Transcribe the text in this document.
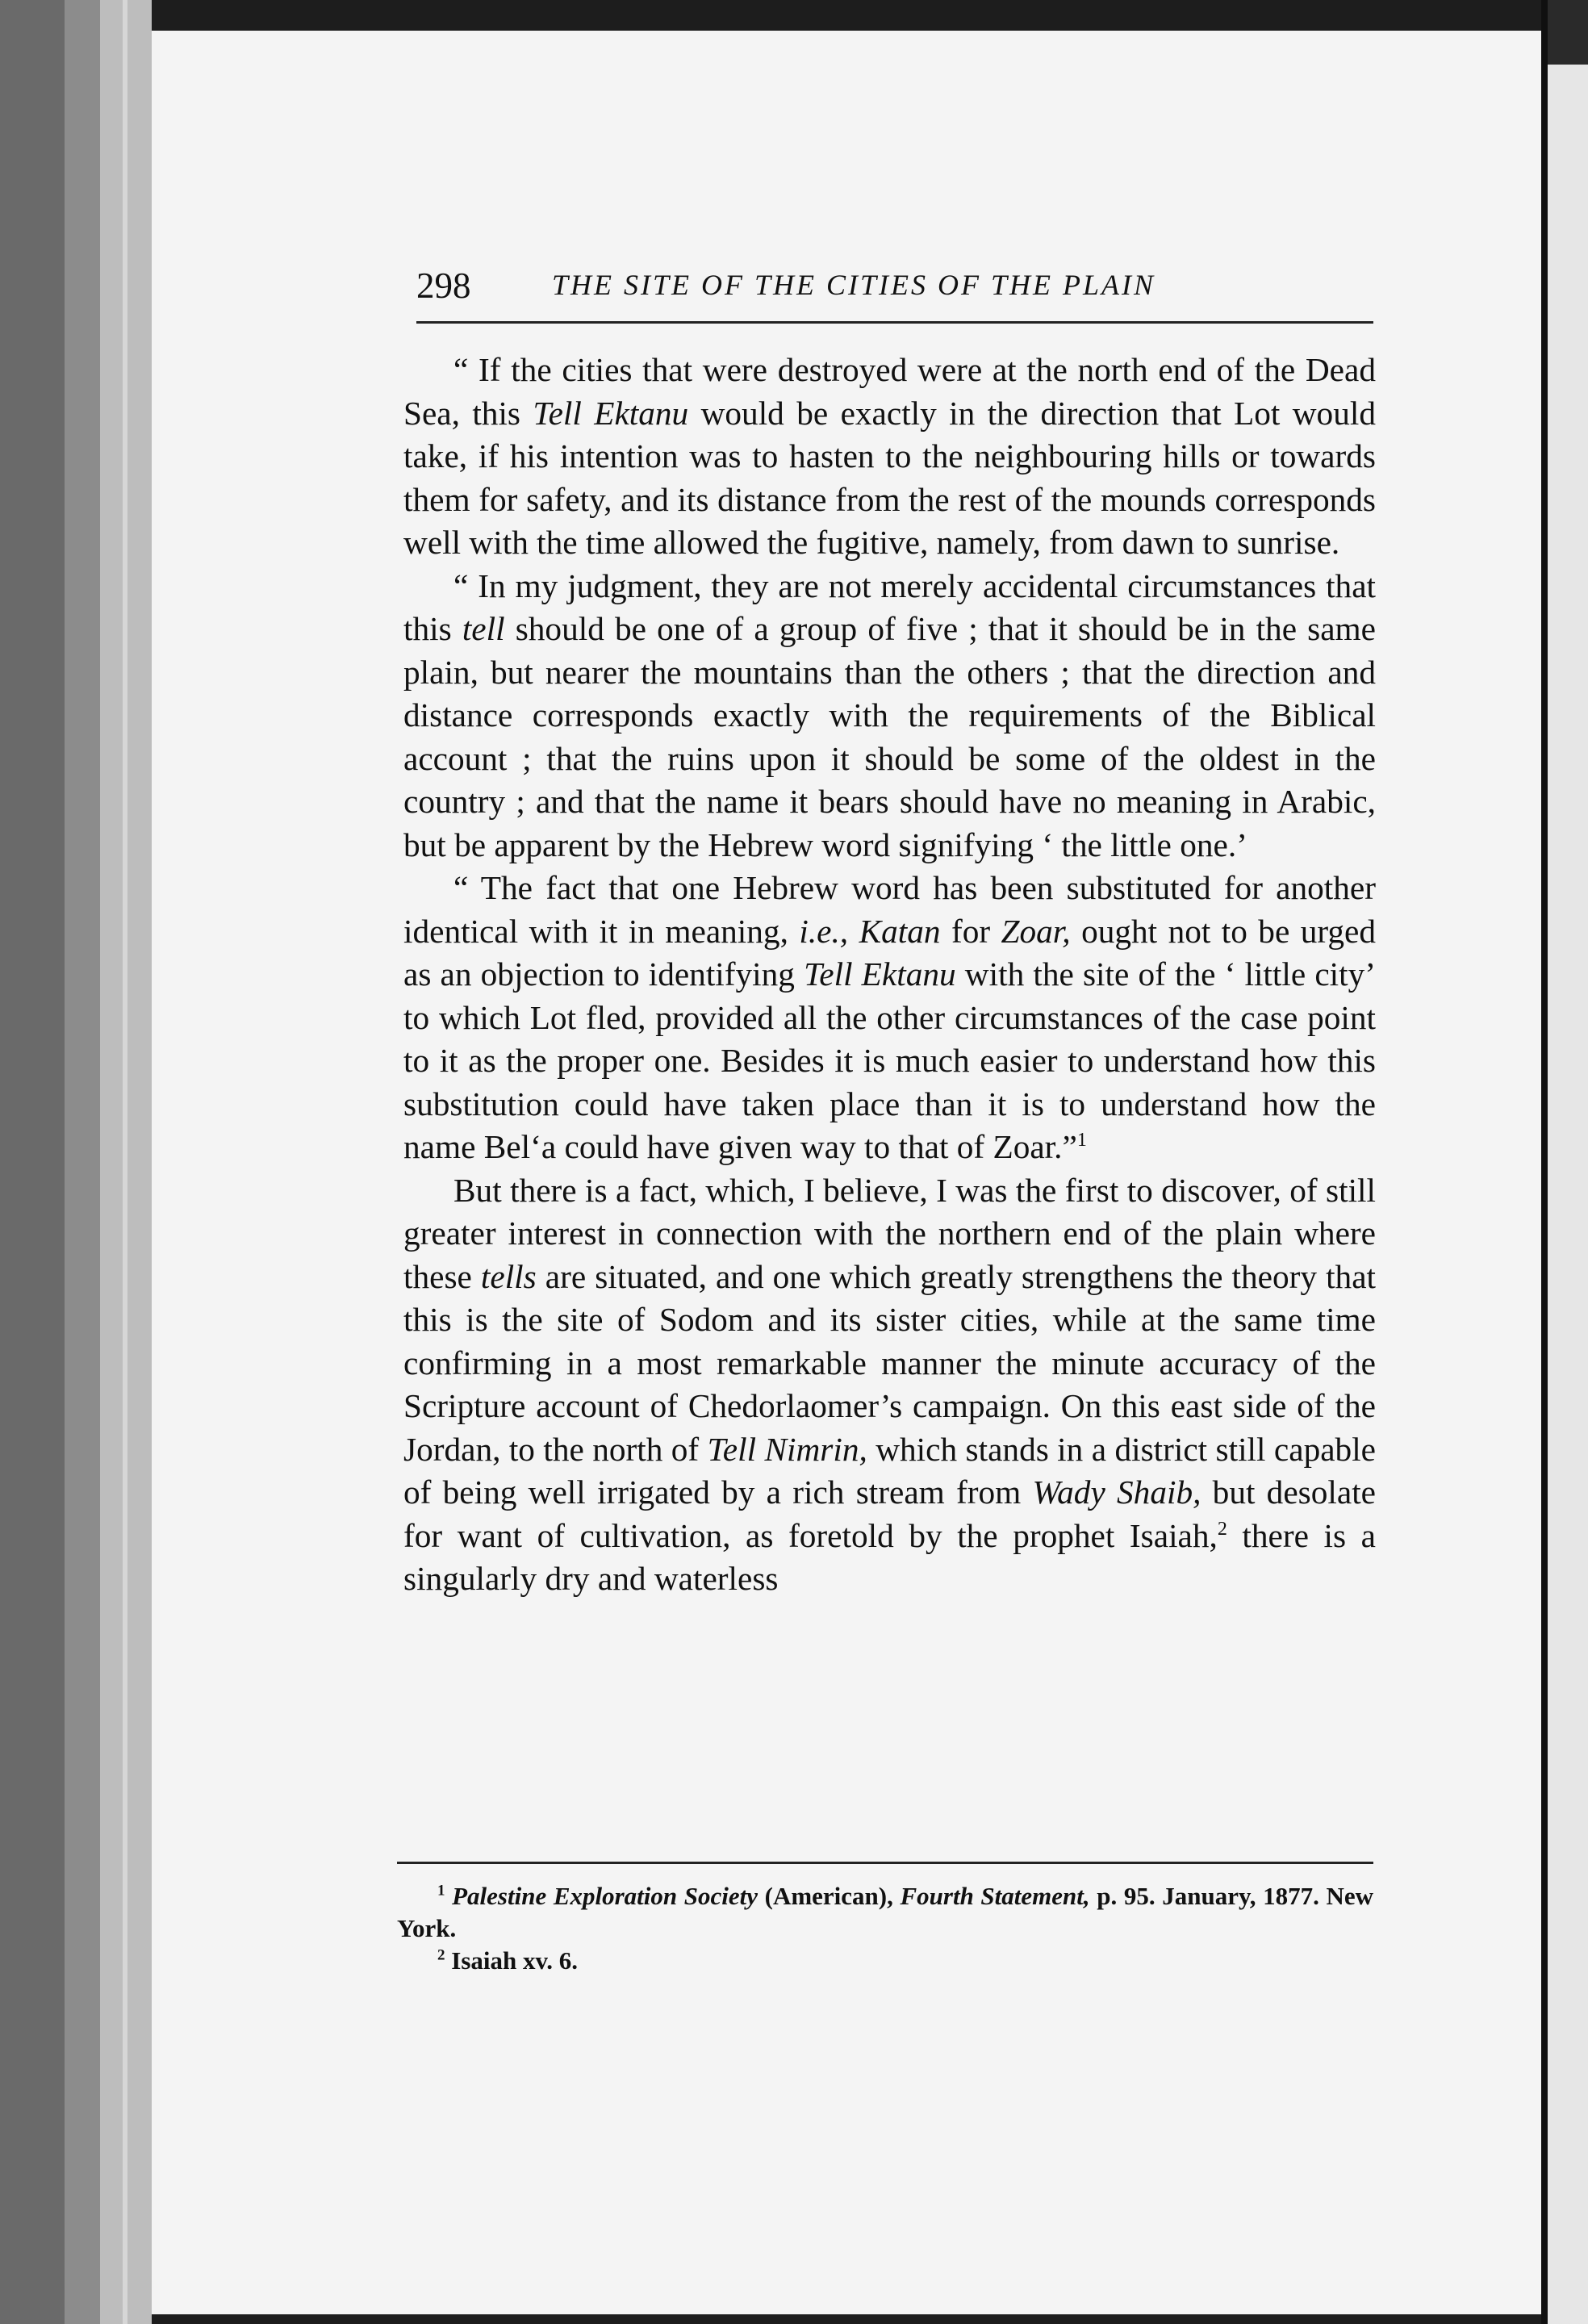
298	THE SITE OF THE CITIES OF THE PLAIN

“ If the cities that were destroyed were at the north end of the Dead Sea, this Tell Ektanu would be exactly in the direction that Lot would take, if his intention was to hasten to the neighbouring hills or towards them for safety, and its distance from the rest of the mounds corresponds well with the time allowed the fugitive, namely, from dawn to sunrise.

“ In my judgment, they are not merely accidental circumstances that this tell should be one of a group of five ; that it should be in the same plain, but nearer the mountains than the others ; that the direction and distance corresponds exactly with the requirements of the Biblical account ; that the ruins upon it should be some of the oldest in the country ; and that the name it bears should have no meaning in Arabic, but be apparent by the Hebrew word signifying ‘ the little one.’

“ The fact that one Hebrew word has been substituted for another identical with it in meaning, i.e., Katan for Zoar, ought not to be urged as an objection to identifying Tell Ektanu with the site of the ‘ little city’ to which Lot fled, provided all the other circumstances of the case point to it as the proper one. Besides it is much easier to understand how this substitution could have taken place than it is to understand how the name Bel‘a could have given way to that of Zoar.”$^1$

But there is a fact, which, I believe, I was the first to discover, of still greater interest in connection with the northern end of the plain where these tells are situated, and one which greatly strengthens the theory that this is the site of Sodom and its sister cities, while at the same time confirming in a most remarkable manner the minute accuracy of the Scripture account of Chedorlaomer’s campaign. On this east side of the Jordan, to the north of Tell Nimrin, which stands in a district still capable of being well irrigated by a rich stream from Wady Shaib, but desolate for want of cultivation, as foretold by the prophet Isaiah,$^2$ there is a singularly dry and waterless

$^1$ Palestine Exploration Society (American), Fourth Statement, p. 95. January, 1877. New York.

$^2$ Isaiah xv. 6.
